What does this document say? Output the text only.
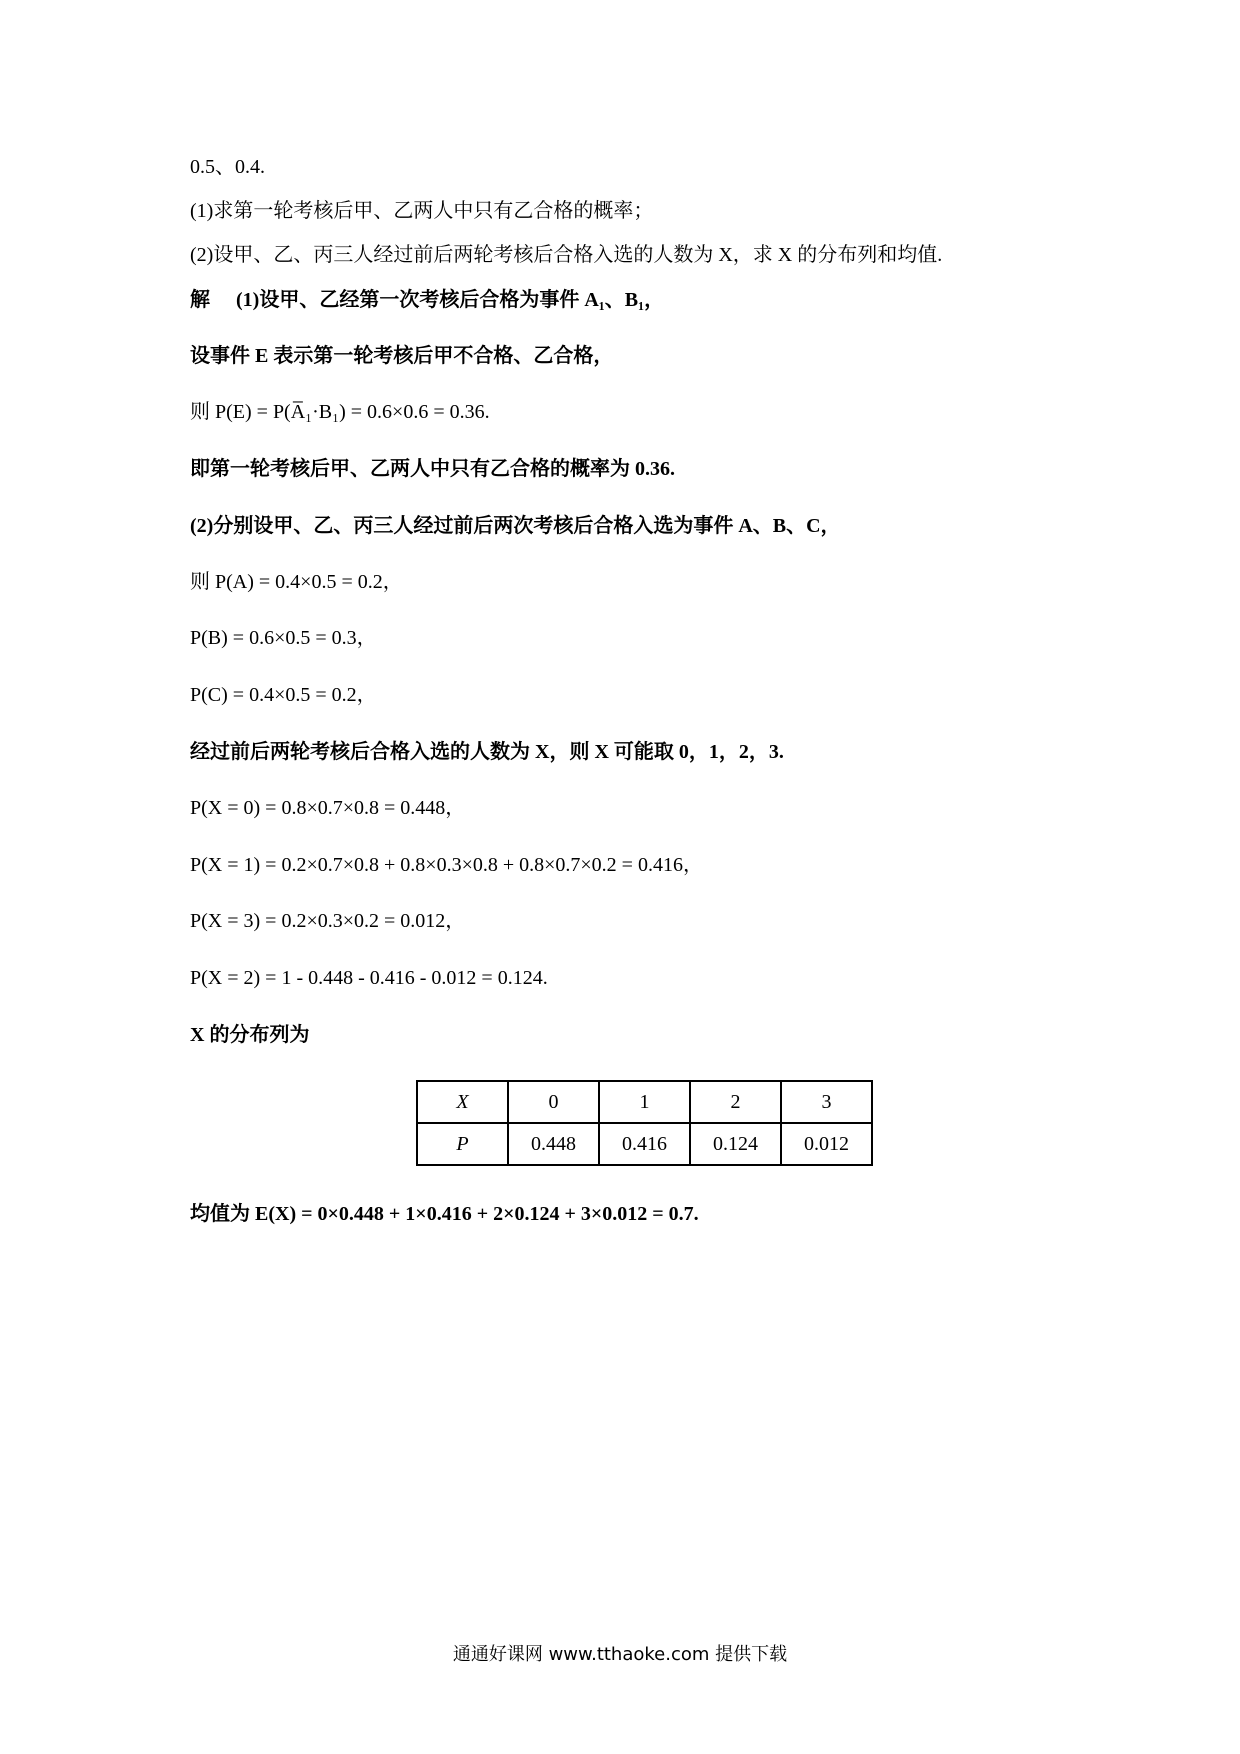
0.5、0.4.
(1)求第一轮考核后甲、乙两人中只有乙合格的概率；
(2)设甲、乙、丙三人经过前后两轮考核后合格入选的人数为 X，求 X 的分布列和均值.
解 (1)设甲、乙经第一次考核后合格为事件 A₁、B₁，
设事件 E 表示第一轮考核后甲不合格、乙合格，
则 P(E) = P(A̅₁·B₁) = 0.6×0.6 = 0.36.
即第一轮考核后甲、乙两人中只有乙合格的概率为 0.36.
(2)分别设甲、乙、丙三人经过前后两次考核后合格入选为事件 A、B、C，
则 P(A) = 0.4×0.5 = 0.2，
P(B) = 0.6×0.5 = 0.3，
P(C) = 0.4×0.5 = 0.2，
经过前后两轮考核后合格入选的人数为 X，则 X 可能取 0，1，2，3.
P(X = 0) = 0.8×0.7×0.8 = 0.448，
P(X = 1) = 0.2×0.7×0.8 + 0.8×0.3×0.8 + 0.8×0.7×0.2 = 0.416，
P(X = 3) = 0.2×0.3×0.2 = 0.012，
P(X = 2) = 1 - 0.448 - 0.416 - 0.012 = 0.124.
X 的分布列为
X	0	1	2	3
P	0.448	0.416	0.124	0.012
均值为 E(X) = 0×0.448 + 1×0.416 + 2×0.124 + 3×0.012 = 0.7.
通通好课网 www.tthaoke.com 提供下载
